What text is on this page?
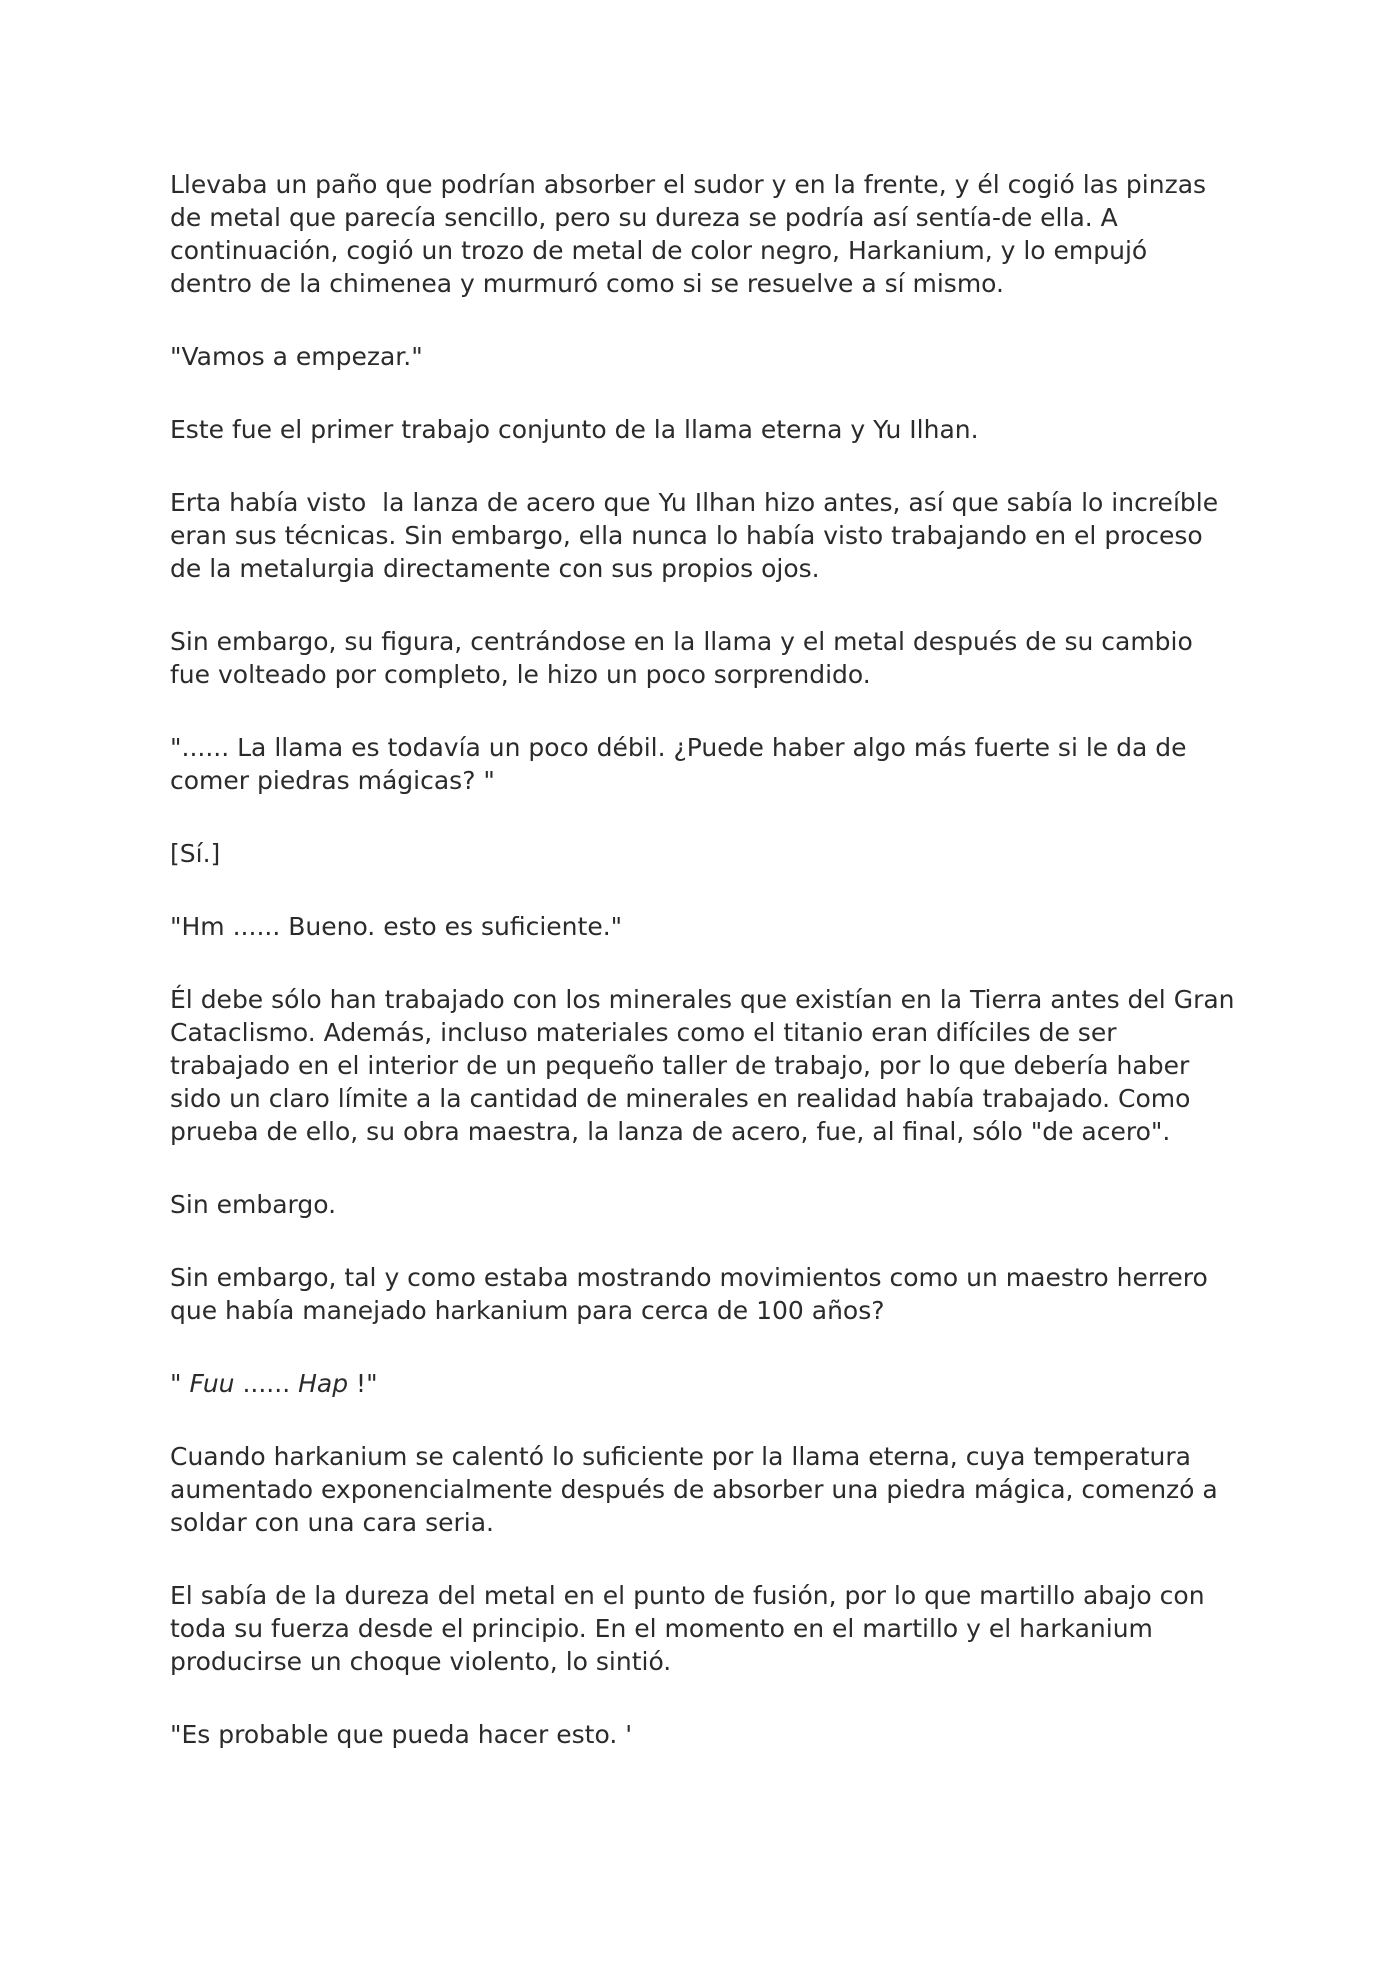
Llevaba un paño que podrían absorber el sudor y en la frente, y él cogió las pinzas
de metal que parecía sencillo, pero su dureza se podría así sentía-de ella. A
continuación, cogió un trozo de metal de color negro, Harkanium, y lo empujó
dentro de la chimenea y murmuró como si se resuelve a sí mismo.

"Vamos a empezar."

Este fue el primer trabajo conjunto de la llama eterna y Yu Ilhan.

Erta había visto  la lanza de acero que Yu Ilhan hizo antes, así que sabía lo increíble
eran sus técnicas. Sin embargo, ella nunca lo había visto trabajando en el proceso
de la metalurgia directamente con sus propios ojos.

Sin embargo, su figura, centrándose en la llama y el metal después de su cambio
fue volteado por completo, le hizo un poco sorprendido.

"...... La llama es todavía un poco débil. ¿Puede haber algo más fuerte si le da de
comer piedras mágicas? "

[Sí.]

"Hm ...... Bueno. esto es suficiente."

Él debe sólo han trabajado con los minerales que existían en la Tierra antes del Gran
Cataclismo. Además, incluso materiales como el titanio eran difíciles de ser
trabajado en el interior de un pequeño taller de trabajo, por lo que debería haber
sido un claro límite a la cantidad de minerales en realidad había trabajado. Como
prueba de ello, su obra maestra, la lanza de acero, fue, al final, sólo "de acero".

Sin embargo.

Sin embargo, tal y como estaba mostrando movimientos como un maestro herrero
que había manejado harkanium para cerca de 100 años?

" Fuu ...... Hap !"

Cuando harkanium se calentó lo suficiente por la llama eterna, cuya temperatura
aumentado exponencialmente después de absorber una piedra mágica, comenzó a
soldar con una cara seria.

El sabía de la dureza del metal en el punto de fusión, por lo que martillo abajo con
toda su fuerza desde el principio. En el momento en el martillo y el harkanium
producirse un choque violento, lo sintió.

"Es probable que pueda hacer esto. '
